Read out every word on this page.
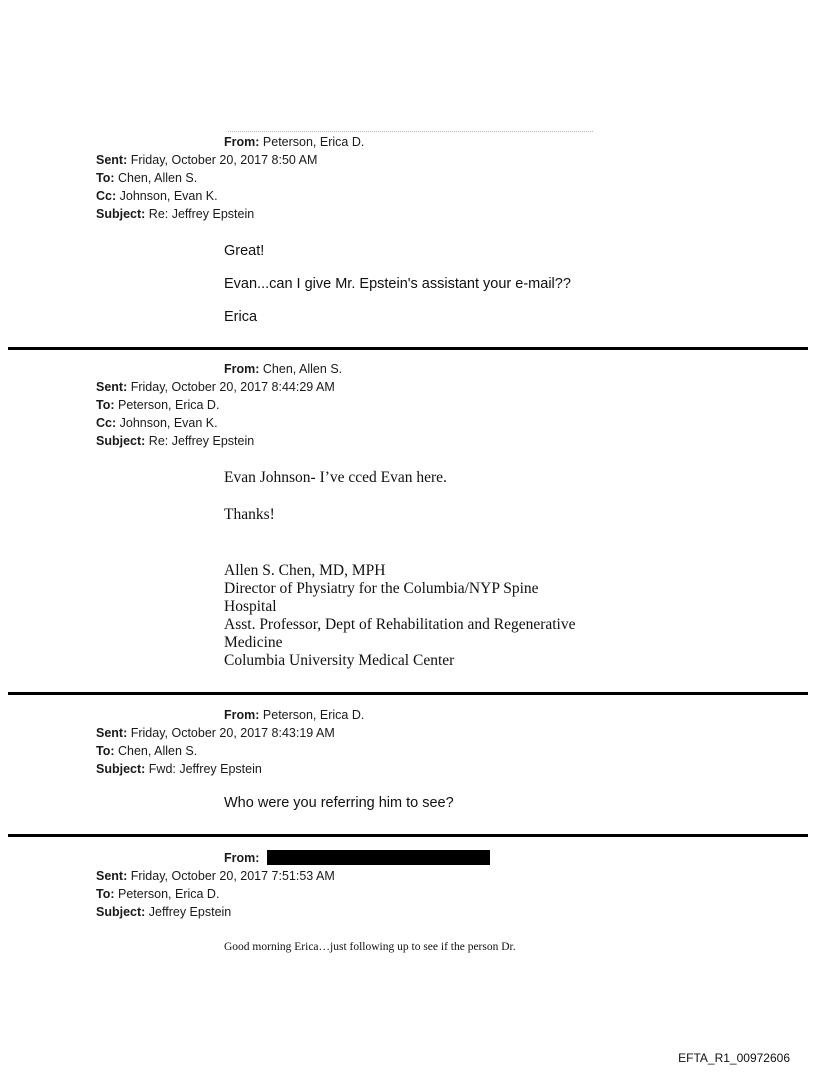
From: Peterson, Erica D.
Sent: Friday, October 20, 2017 8:50 AM
To: Chen, Allen S.
Cc: Johnson, Evan K.
Subject: Re: Jeffrey Epstein
Great!
Evan...can I give Mr. Epstein's assistant your e-mail??
Erica
From: Chen, Allen S.
Sent: Friday, October 20, 2017 8:44:29 AM
To: Peterson, Erica D.
Cc: Johnson, Evan K.
Subject: Re: Jeffrey Epstein
Evan Johnson- I’ve cced Evan here.
Thanks!
Allen S. Chen, MD, MPH
Director of Physiatry for the Columbia/NYP Spine
Hospital
Asst. Professor, Dept of Rehabilitation and Regenerative
Medicine
Columbia University Medical Center
From: Peterson, Erica D.
Sent: Friday, October 20, 2017 8:43:19 AM
To: Chen, Allen S.
Subject: Fwd: Jeffrey Epstein
Who were you referring him to see?
From:
Sent: Friday, October 20, 2017 7:51:53 AM
To: Peterson, Erica D.
Subject: Jeffrey Epstein
Good morning Erica…just following up to see if the person Dr.
EFTA_R1_00972606
